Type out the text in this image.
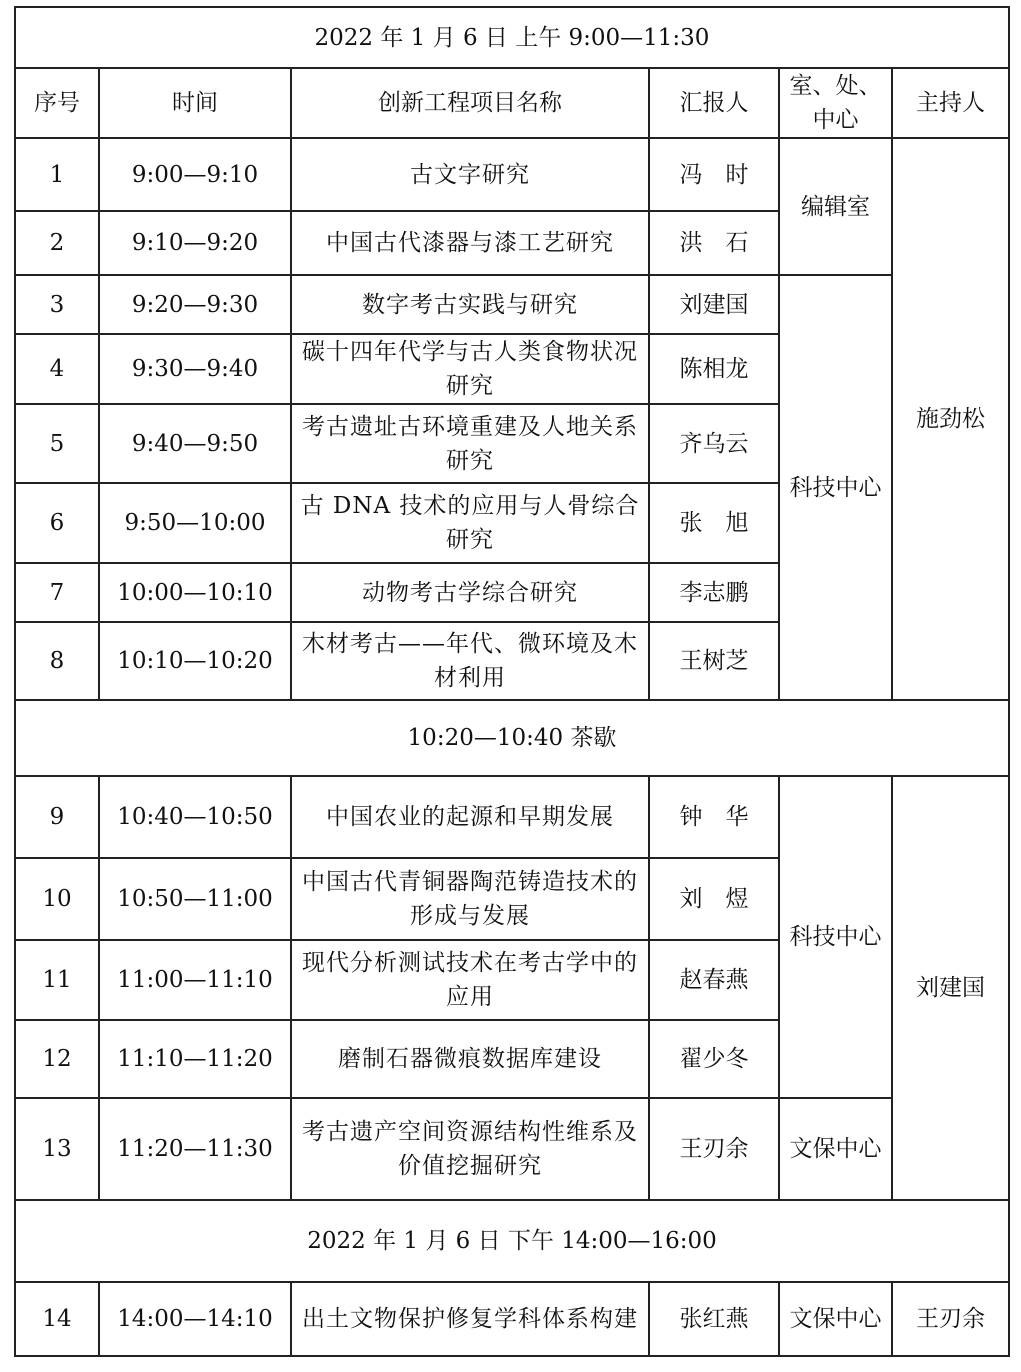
2022 年 1 月 6 日 上午 9:00—11:30					
序号	时间	创新工程项目名称	汇报人	室、处、中心	主持人
1	9:00—9:10	古文字研究	冯　时	编辑室	施劲松
2	9:10—9:20	中国古代漆器与漆工艺研究	洪　石		
3	9:20—9:30	数字考古实践与研究	刘建国	科技中心	
4	9:30—9:40	碳十四年代学与古人类食物状况研究	陈相龙		
5	9:40—9:50	考古遗址古环境重建及人地关系研究	齐乌云		
6	9:50—10:00	古 DNA 技术的应用与人骨综合研究	张　旭		
7	10:00—10:10	动物考古学综合研究	李志鹏		
8	10:10—10:20	木材考古——年代、微环境及木材利用	王树芝		
10:20—10:40 茶歇					
9	10:40—10:50	中国农业的起源和早期发展	钟　华	科技中心	刘建国
10	10:50—11:00	中国古代青铜器陶范铸造技术的形成与发展	刘　煜		
11	11:00—11:10	现代分析测试技术在考古学中的应用	赵春燕		
12	11:10—11:20	磨制石器微痕数据库建设	翟少冬		
13	11:20—11:30	考古遗产空间资源结构性维系及价值挖掘研究	王刃余	文保中心	
2022 年 1 月 6 日 下午 14:00—16:00					
14	14:00—14:10	出土文物保护修复学科体系构建	张红燕	文保中心	王刃余
